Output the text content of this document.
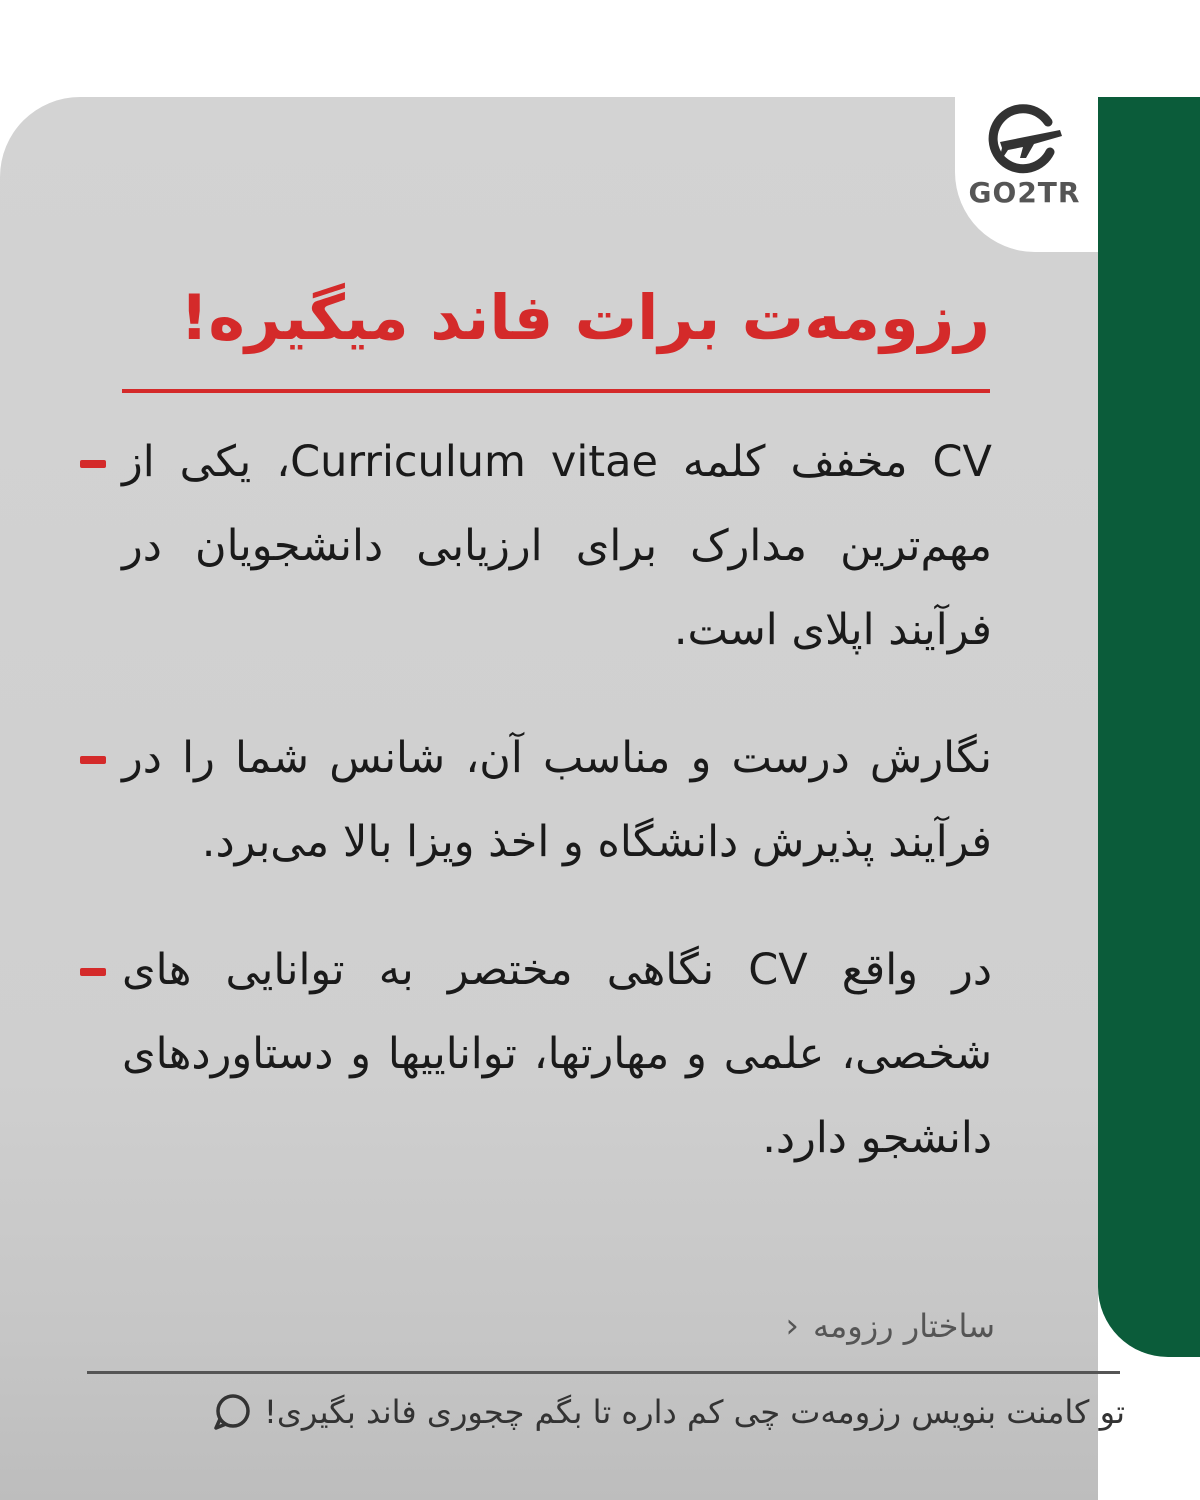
GO2TR
رزومه‌ت برات فاند میگیره!
CV مخفف کلمه Curriculum vitae، یکی از مهم‌ترین مدارک برای ارزیابی دانشجویان در فرآیند اپلای است.
نگارش درست و مناسب آن، شانس شما را در فرآیند پذیرش دانشگاه و اخذ ویزا بالا می‌برد.
در واقع CV نگاهی مختصر به توانایی های شخصی، علمی و مهارتها، تواناییها و دستاوردهای دانشجو دارد.
ساختار رزومه
‹
تو کامنت بنویس رزومه‌ت چی کم داره تا بگم چجوری فاند بگیری!
